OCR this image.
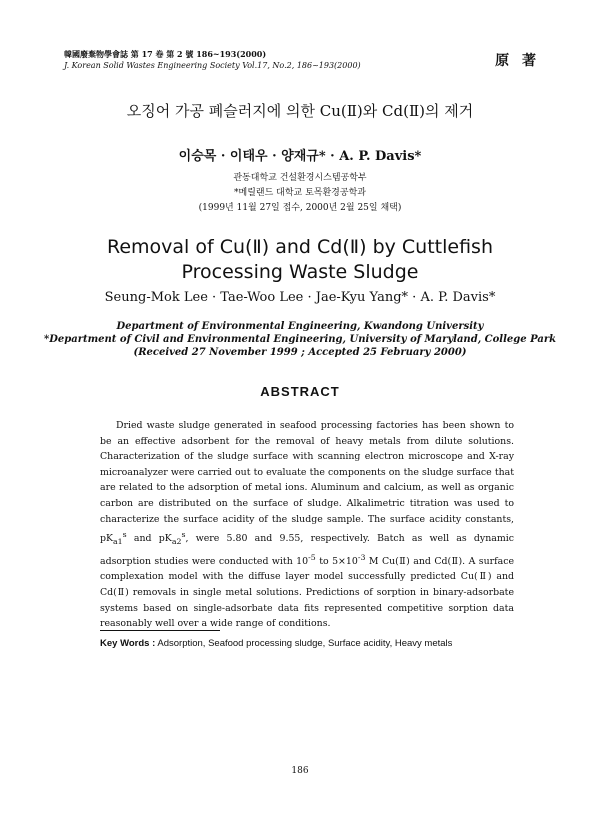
韓國廢棄物學會誌 第 17 卷 第 2 號 186~193(2000)
J. Korean Solid Wastes Engineering Society Vol.17, No.2, 186~193(2000)	原 著
오징어 가공 폐슬러지에 의한 Cu(Ⅱ)와 Cd(Ⅱ)의 제거
이승목 · 이태우 · 양재규* · A. P. Davis*
관동대학교 건설환경시스템공학부
*메릴랜드 대학교 토목환경공학과
(1999년 11월 27일 접수, 2000년 2월 25일 채택)
Removal of Cu(Ⅱ) and Cd(Ⅱ) by Cuttlefish
Processing Waste Sludge
Seung-Mok Lee · Tae-Woo Lee · Jae-Kyu Yang* · A. P. Davis*
Department of Environmental Engineering, Kwandong University
*Department of Civil and Environmental Engineering, University of Maryland, College Park
(Received 27 November 1999 ; Accepted 25 February 2000)
ABSTRACT

Dried waste sludge generated in seafood processing factories has been shown to be an effective adsorbent for the removal of heavy metals from dilute solutions. Characterization of the sludge surface with scanning electron microscope and X-ray microanalyzer were carried out to evaluate the components on the sludge surface that are related to the adsorption of metal ions. Aluminum and calcium, as well as organic carbon are distributed on the surface of sludge. Alkalimetric titration was used to characterize the surface acidity of the sludge sample. The surface acidity constants, $pK_{a1}^s$ and $pK_{a2}^s$, were 5.80 and 9.55, respectively. Batch as well as dynamic adsorption studies were conducted with $10^{-5}$ to $5\times 10^{-3}$ M Cu(Ⅱ) and Cd(Ⅱ). A surface complexation model with the diffuse layer model successfully predicted Cu(Ⅱ) and Cd(Ⅱ) removals in single metal solutions. Predictions of sorption in binary-adsorbate systems based on single-adsorbate data fits represented competitive sorption data reasonably well over a wide range of conditions.

Key Words : Adsorption, Seafood processing sludge, Surface acidity, Heavy metals
186
